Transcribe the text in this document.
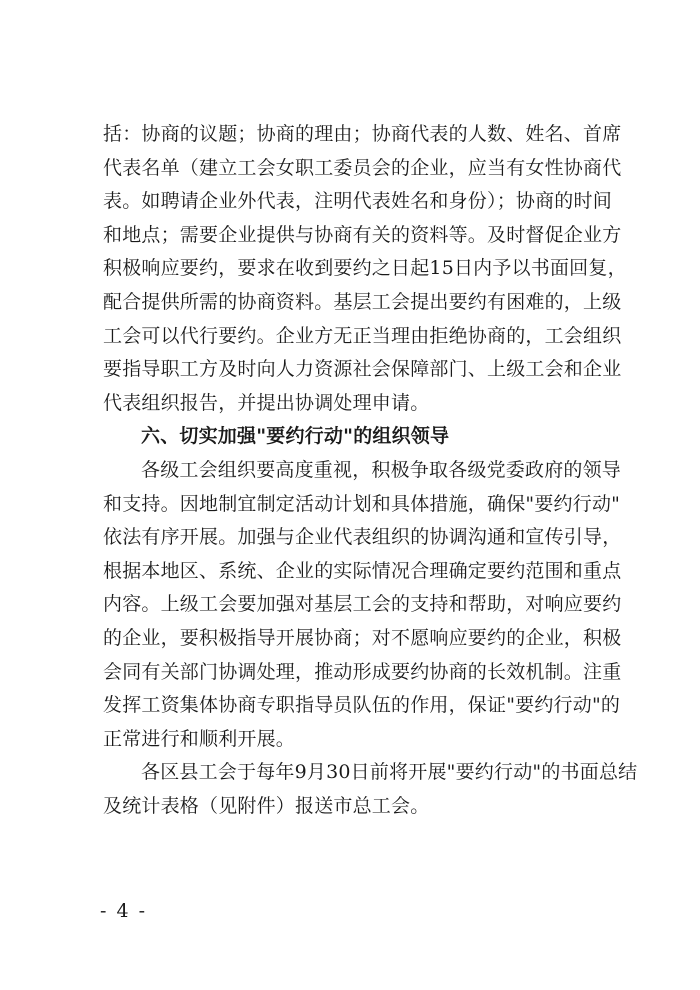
括：协商的议题；协商的理由；协商代表的人数、姓名、首席
代表名单（建立工会女职工委员会的企业，应当有女性协商代
表。如聘请企业外代表，注明代表姓名和身份）；协商的时间
和地点；需要企业提供与协商有关的资料等。及时督促企业方
积极响应要约，要求在收到要约之日起15日内予以书面回复，
配合提供所需的协商资料。基层工会提出要约有困难的，上级
工会可以代行要约。企业方无正当理由拒绝协商的，工会组织
要指导职工方及时向人力资源社会保障部门、上级工会和企业
代表组织报告，并提出协调处理申请。
六、切实加强"要约行动"的组织领导
各级工会组织要高度重视，积极争取各级党委政府的领导
和支持。因地制宜制定活动计划和具体措施，确保"要约行动"
依法有序开展。加强与企业代表组织的协调沟通和宣传引导，
根据本地区、系统、企业的实际情况合理确定要约范围和重点
内容。上级工会要加强对基层工会的支持和帮助，对响应要约
的企业，要积极指导开展协商；对不愿响应要约的企业，积极
会同有关部门协调处理，推动形成要约协商的长效机制。注重
发挥工资集体协商专职指导员队伍的作用，保证"要约行动"的
正常进行和顺利开展。
各区县工会于每年9月30日前将开展"要约行动"的书面总结
及统计表格（见附件）报送市总工会。
- 4 -
